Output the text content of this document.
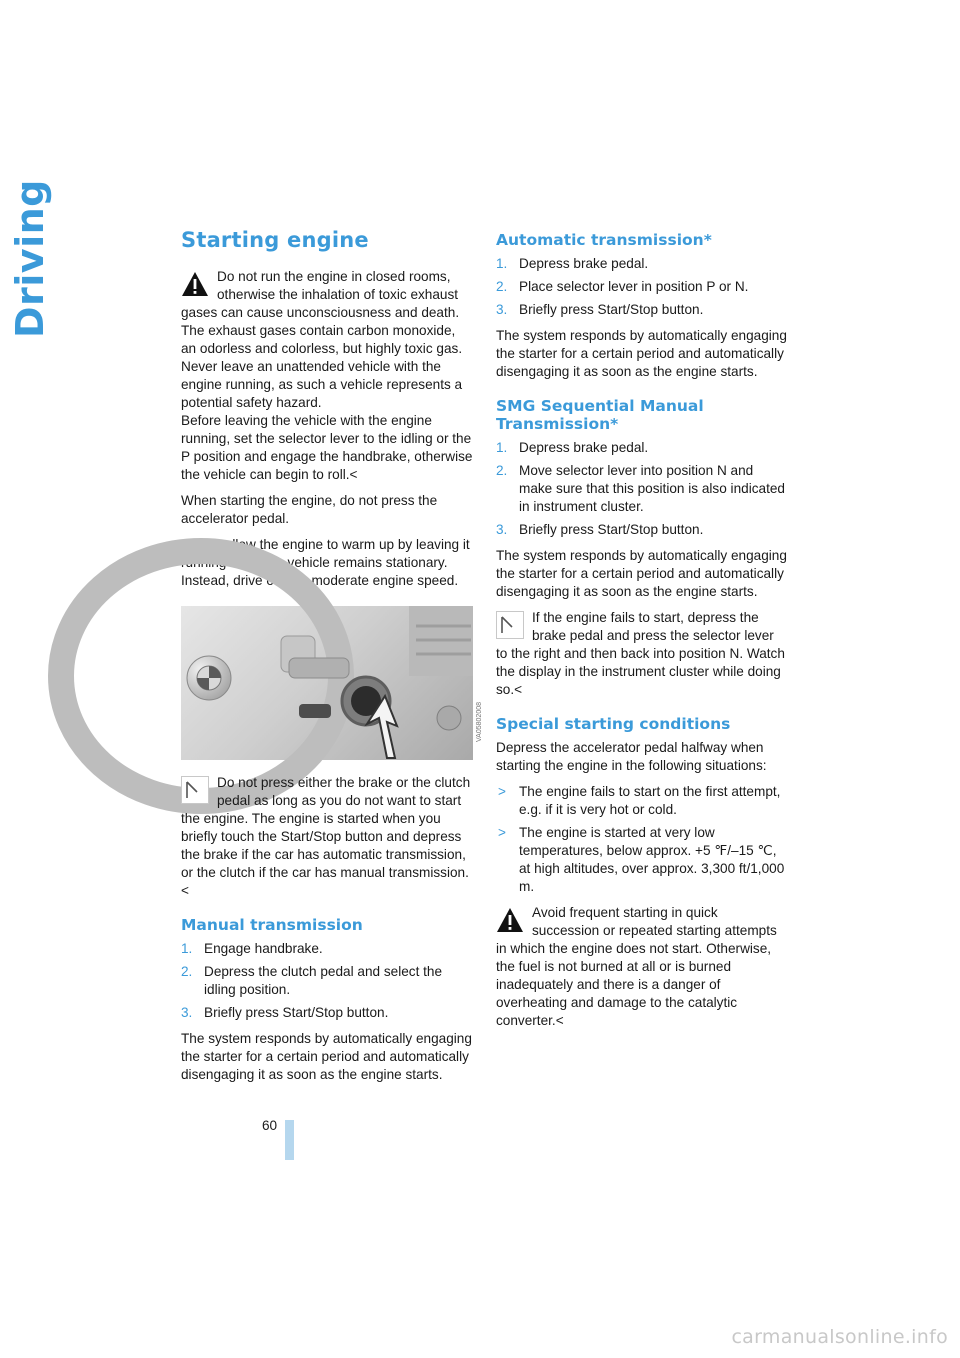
Driving	Starting engine
Do not run the engine in closed rooms, otherwise the inhalation of toxic exhaust gases can cause unconsciousness and death. The exhaust gases contain carbon monoxide, an odorless and colorless, but highly toxic gas. Never leave an unattended vehicle with the engine running, as such a vehicle represents a potential safety hazard.
Before leaving the vehicle with the engine running, set the selector lever to the idling or the P position and engage the handbrake, otherwise the vehicle can begin to roll.<

When starting the engine, do not press the accelerator pedal.

Do not allow the engine to warm up by leaving it running while the vehicle remains stationary. Instead, drive off at a moderate engine speed.

VA05802008
Do not press either the brake or the clutch pedal as long as you do not want to start the engine. The engine is started when you briefly touch the Start/Stop button and depress the brake if the car has automatic transmission, or the clutch if the car has manual transmission.<
Manual transmission
1. Engage handbrake.
2. Depress the clutch pedal and select the idling position.
3. Briefly press Start/Stop button.

The system responds by automatically engaging the starter for a certain period and automatically disengaging it as soon as the engine starts.

Automatic transmission*
1. Depress brake pedal.
2. Place selector lever in position P or N.
3. Briefly press Start/Stop button.

The system responds by automatically engaging the starter for a certain period and automatically disengaging it as soon as the engine starts.

SMG Sequential Manual Transmission*
1. Depress brake pedal.
2. Move selector lever into position N and make sure that this position is also indicated in instrument cluster.
3. Briefly press Start/Stop button.

The system responds by automatically engaging the starter for a certain period and automatically disengaging it as soon as the engine starts.

If the engine fails to start, depress the brake pedal and press the selector lever to the right and then back into position N. Watch the display in the instrument cluster while doing so.<
Special starting conditions

Depress the accelerator pedal halfway when starting the engine in the following situations:

> The engine fails to start on the first attempt, e.g. if it is very hot or cold.
> The engine is started at very low temperatures, below approx. +5 ℉/–15 ℃, at high altitudes, over approx. 3,300 ft/1,000 m.
Avoid frequent starting in quick succession or repeated starting attempts in which the engine does not start. Otherwise, the fuel is not burned at all or is burned inadequately and there is a danger of overheating and damage to the catalytic converter.<
60
carmanualsonline.info
